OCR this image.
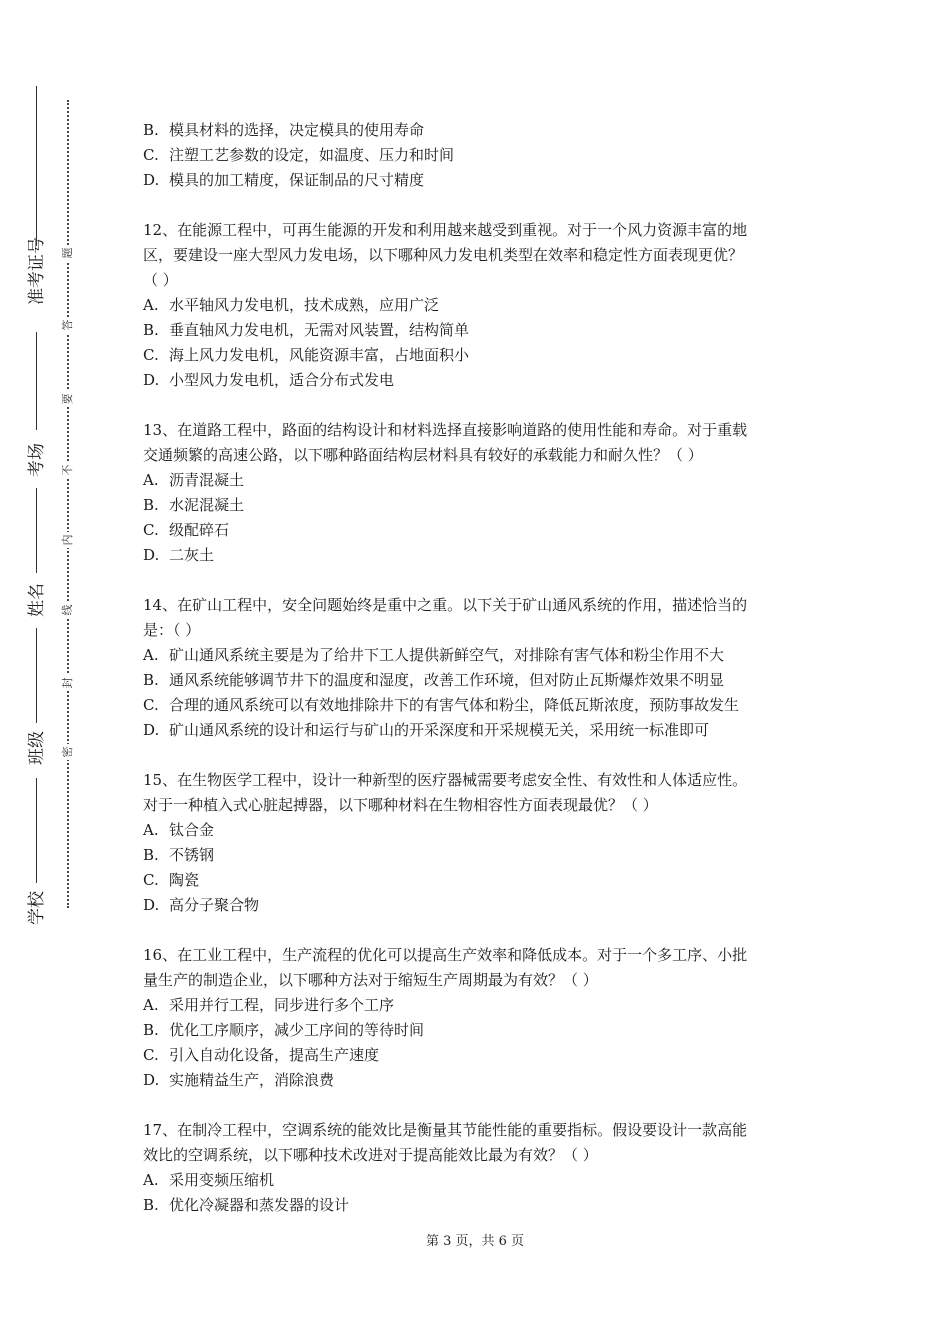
准考证号
考场
姓名
班级
学校
题
答
要
不
内
线
封
密
B. 模具材料的选择，决定模具的使用寿命
C. 注塑工艺参数的设定，如温度、压力和时间
D. 模具的加工精度，保证制品的尺寸精度
12、在能源工程中，可再生能源的开发和利用越来越受到重视。对于一个风力资源丰富的地
区，要建设一座大型风力发电场，以下哪种风力发电机类型在效率和稳定性方面表现更优？
（ ）
A. 水平轴风力发电机，技术成熟，应用广泛
B. 垂直轴风力发电机，无需对风装置，结构简单
C. 海上风力发电机，风能资源丰富，占地面积小
D. 小型风力发电机，适合分布式发电
13、在道路工程中，路面的结构设计和材料选择直接影响道路的使用性能和寿命。对于重载
交通频繁的高速公路，以下哪种路面结构层材料具有较好的承载能力和耐久性？（ ）
A. 沥青混凝土
B. 水泥混凝土
C. 级配碎石
D. 二灰土
14、在矿山工程中，安全问题始终是重中之重。以下关于矿山通风系统的作用，描述恰当的
是：（ ）
A. 矿山通风系统主要是为了给井下工人提供新鲜空气，对排除有害气体和粉尘作用不大
B. 通风系统能够调节井下的温度和湿度，改善工作环境，但对防止瓦斯爆炸效果不明显
C. 合理的通风系统可以有效地排除井下的有害气体和粉尘，降低瓦斯浓度，预防事故发生
D. 矿山通风系统的设计和运行与矿山的开采深度和开采规模无关，采用统一标准即可
15、在生物医学工程中，设计一种新型的医疗器械需要考虑安全性、有效性和人体适应性。
对于一种植入式心脏起搏器，以下哪种材料在生物相容性方面表现最优？（ ）
A. 钛合金
B. 不锈钢
C. 陶瓷
D. 高分子聚合物
16、在工业工程中，生产流程的优化可以提高生产效率和降低成本。对于一个多工序、小批
量生产的制造企业，以下哪种方法对于缩短生产周期最为有效？（ ）
A. 采用并行工程，同步进行多个工序
B. 优化工序顺序，减少工序间的等待时间
C. 引入自动化设备，提高生产速度
D. 实施精益生产，消除浪费
17、在制冷工程中，空调系统的能效比是衡量其节能性能的重要指标。假设要设计一款高能
效比的空调系统，以下哪种技术改进对于提高能效比最为有效？（ ）
A. 采用变频压缩机
B. 优化冷凝器和蒸发器的设计
第 3 页，共 6 页
